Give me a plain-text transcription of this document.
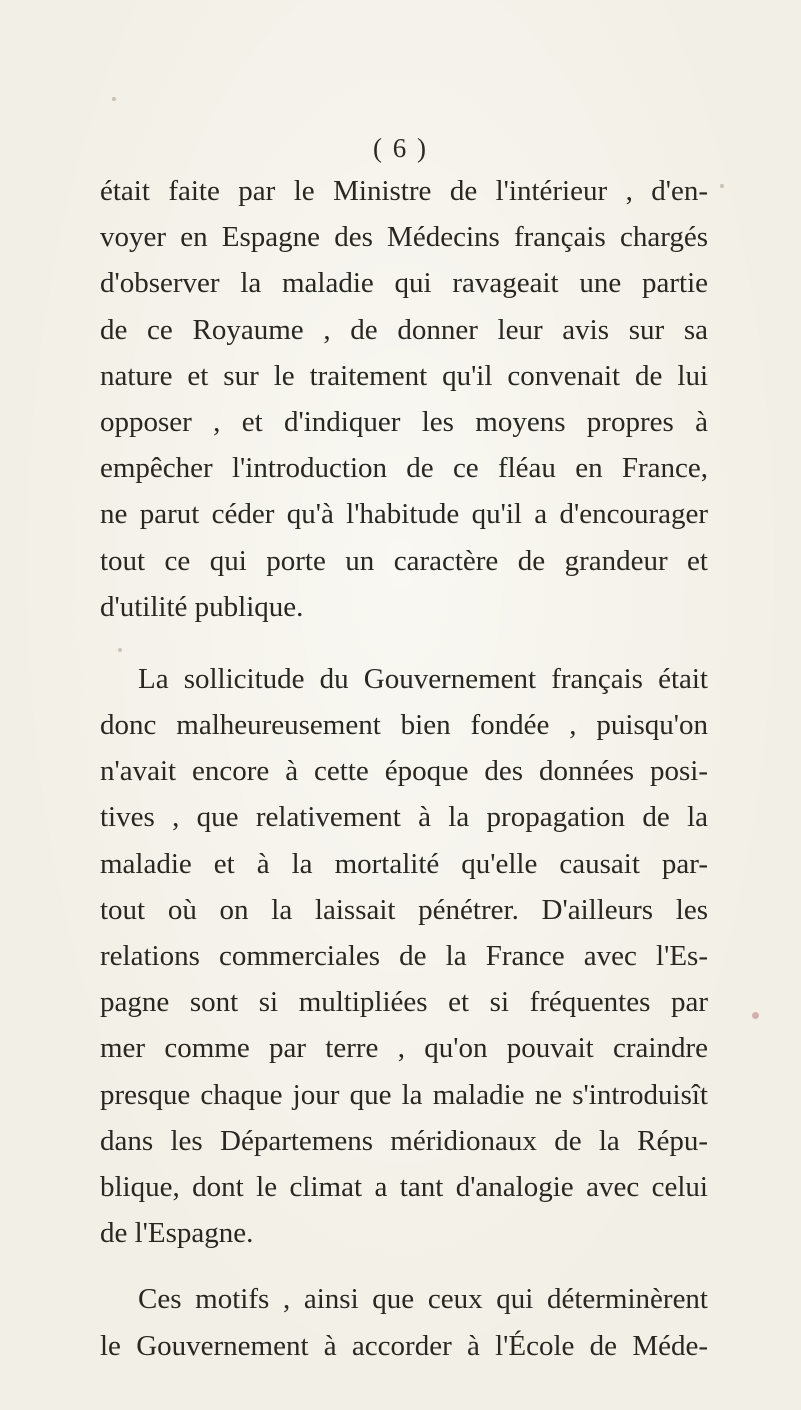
( 6 )
était faite par le Ministre de l'intérieur , d'en-
voyer en Espagne des Médecins français chargés
d'observer la maladie qui ravageait une partie
de ce Royaume , de donner leur avis sur sa
nature et sur le traitement qu'il convenait de lui
opposer , et d'indiquer les moyens propres à
empêcher l'introduction de ce fléau en France,
ne parut céder qu'à l'habitude qu'il a d'encourager
tout ce qui porte un caractère de grandeur et
d'utilité publique.
La sollicitude du Gouvernement français était
donc malheureusement bien fondée , puisqu'on
n'avait encore à cette époque des données posi-
tives , que relativement à la propagation de la
maladie et à la mortalité qu'elle causait par-
tout où on la laissait pénétrer. D'ailleurs les
relations commerciales de la France avec l'Es-
pagne sont si multipliées et si fréquentes par
mer comme par terre , qu'on pouvait craindre
presque chaque jour que la maladie ne s'introduisît
dans les Départemens méridionaux de la Répu-
blique, dont le climat a tant d'analogie avec celui
de l'Espagne.
Ces motifs , ainsi que ceux qui déterminèrent
le Gouvernement à accorder à l'École de Méde-
